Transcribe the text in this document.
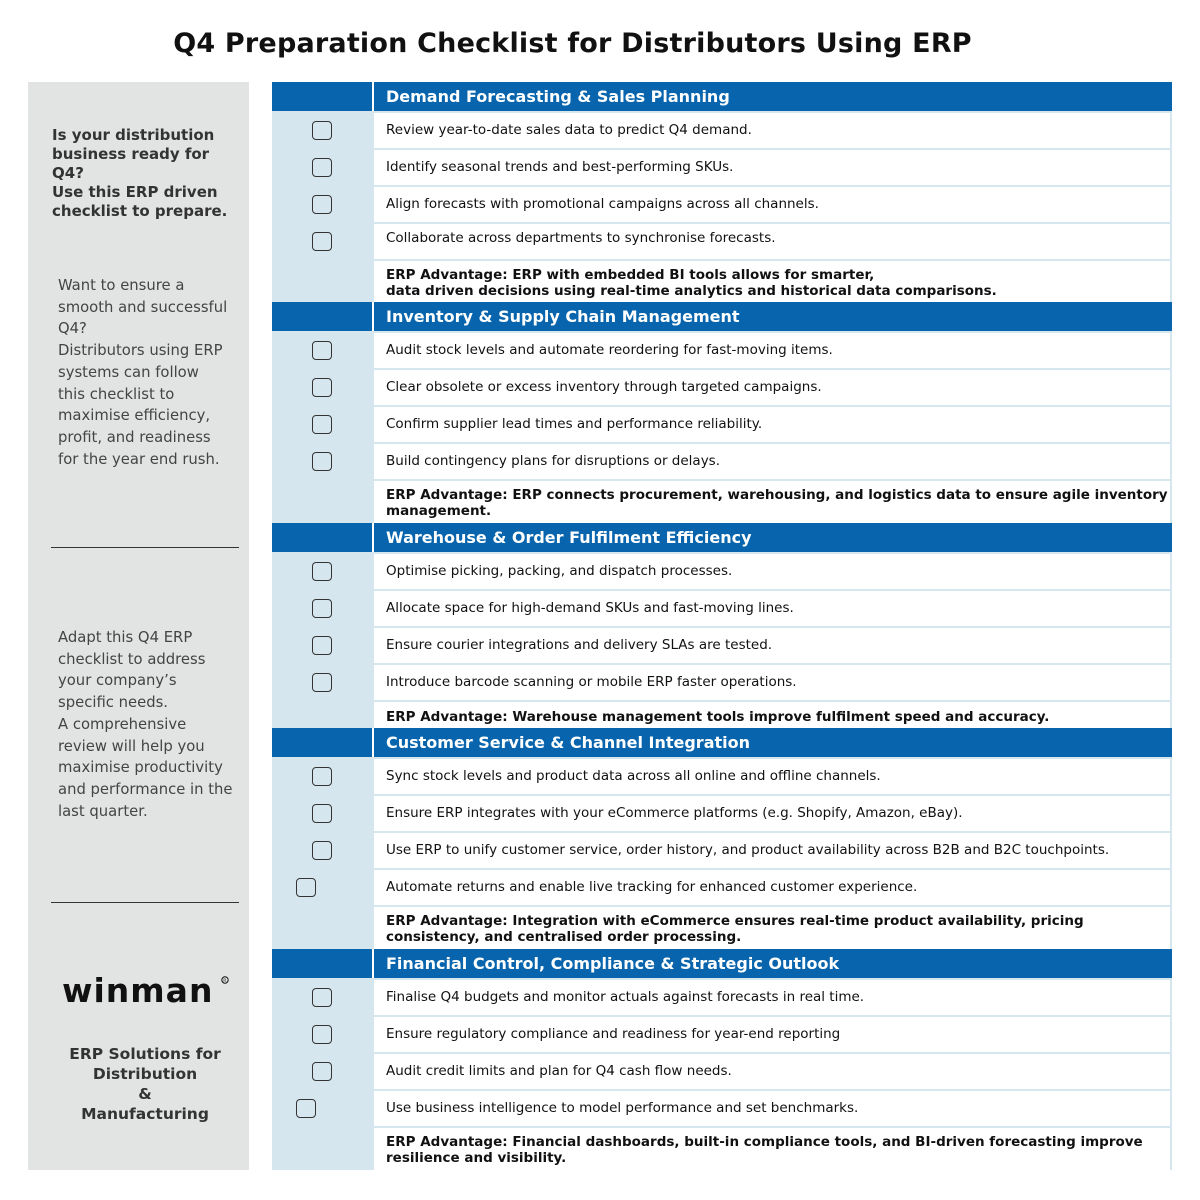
Q4 Preparation Checklist for Distributors Using ERP
Is your distribution
business ready for
Q4?
Use this ERP driven
checklist to prepare.
Want to ensure a
smooth and successful
Q4?
Distributors using ERP
systems can follow
this checklist to
maximise efficiency,
profit, and readiness
for the year end rush.
Adapt this Q4 ERP
checklist to address
your company’s
specific needs.
A comprehensive
review will help you
maximise productivity
and performance in the
last quarter.
winman R
ERP Solutions for
Distribution
&
Manufacturing
Demand Forecasting & Sales Planning
Review year-to-date sales data to predict Q4 demand.
Identify seasonal trends and best-performing SKUs.
Align forecasts with promotional campaigns across all channels.
Collaborate across departments to synchronise forecasts.
ERP Advantage: ERP with embedded BI tools allows for smarter,
data driven decisions using real-time analytics and historical data comparisons.
Inventory & Supply Chain Management
Audit stock levels and automate reordering for fast-moving items.
Clear obsolete or excess inventory through targeted campaigns.
Confirm supplier lead times and performance reliability.
Build contingency plans for disruptions or delays.
ERP Advantage: ERP connects procurement, warehousing, and logistics data to ensure agile inventory
management.
Warehouse & Order Fulfilment Efficiency
Optimise picking, packing, and dispatch processes.
Allocate space for high-demand SKUs and fast-moving lines.
Ensure courier integrations and delivery SLAs are tested.
Introduce barcode scanning or mobile ERP faster operations.
ERP Advantage: Warehouse management tools improve fulfilment speed and accuracy.
Customer Service & Channel Integration
Sync stock levels and product data across all online and offline channels.
Ensure ERP integrates with your eCommerce platforms (e.g. Shopify, Amazon, eBay).
Use ERP to unify customer service, order history, and product availability across B2B and B2C touchpoints.
Automate returns and enable live tracking for enhanced customer experience.
ERP Advantage: Integration with eCommerce ensures real-time product availability, pricing
consistency, and centralised order processing.
Financial Control, Compliance & Strategic Outlook
Finalise Q4 budgets and monitor actuals against forecasts in real time.
Ensure regulatory compliance and readiness for year-end reporting
Audit credit limits and plan for Q4 cash flow needs.
Use business intelligence to model performance and set benchmarks.
ERP Advantage: Financial dashboards, built-in compliance tools, and BI-driven forecasting improve
resilience and visibility.
